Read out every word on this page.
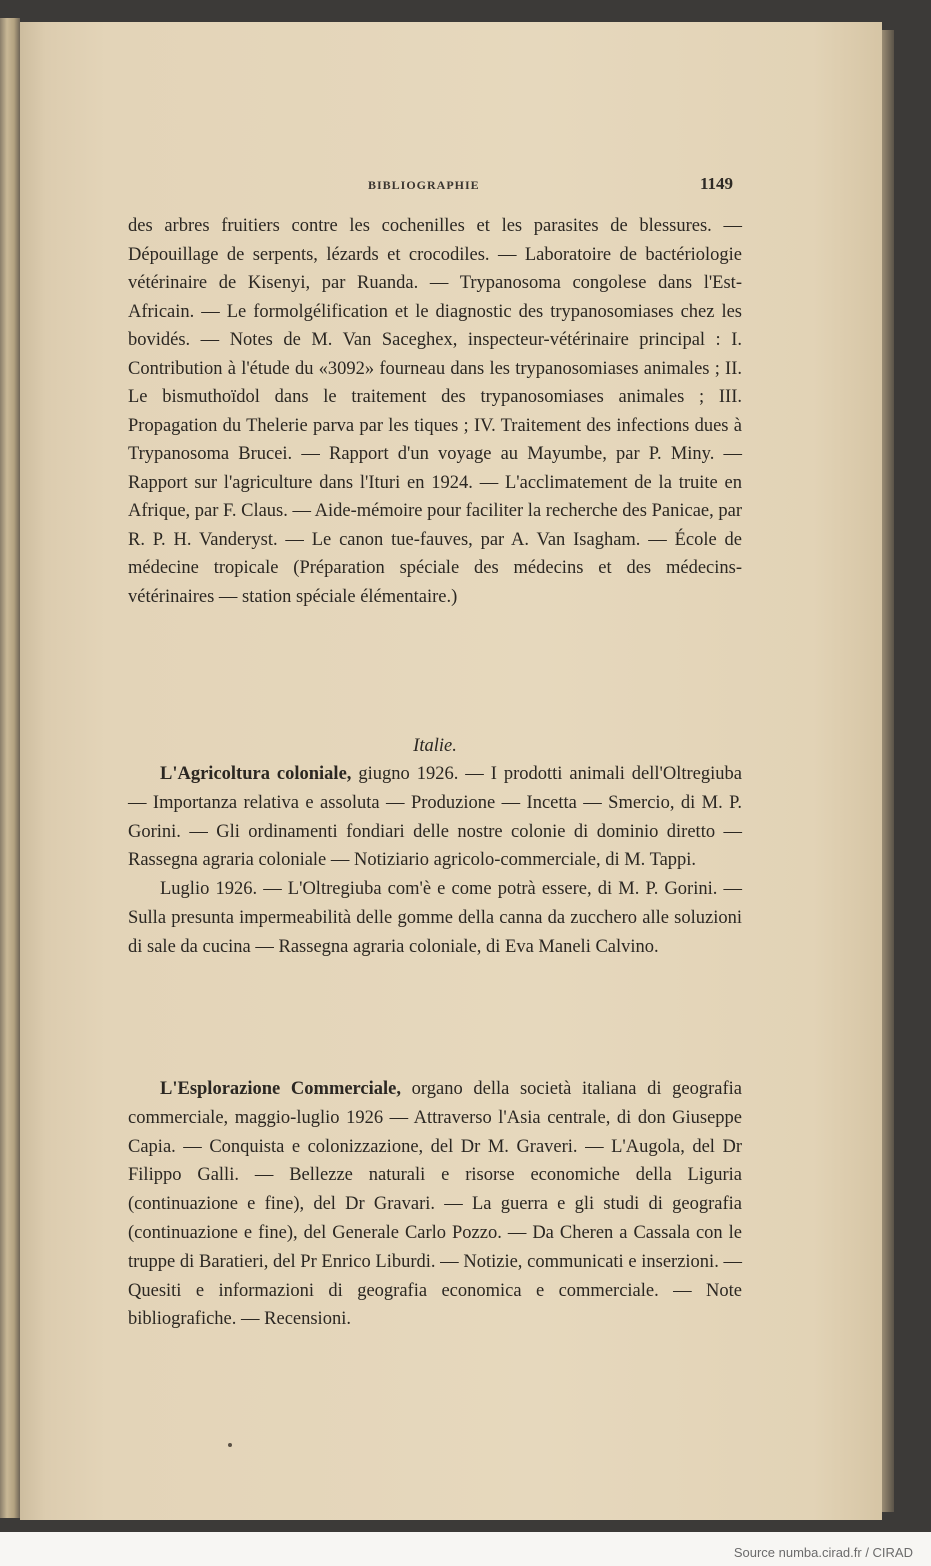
BIBLIOGRAPHIE	1149

des arbres fruitiers contre les cochenilles et les parasites de blessures. — Dépouillage de serpents, lézards et crocodiles. — Laboratoire de bactériologie vétérinaire de Kisenyi, par Ruanda. — Trypanosoma congolese dans l'Est-Africain. — Le formolgélification et le diagnostic des trypanosomiases chez les bovidés. — Notes de M. Van Saceghex, inspecteur-vétérinaire principal : I. Contribution à l'étude du «3092» fourneau dans les trypanosomiases animales ; II. Le bismuthoïdol dans le traitement des trypanosomiases animales ; III. Propagation du Thelerie parva par les tiques ; IV. Traitement des infections dues à Trypanosoma Brucei. — Rapport d'un voyage au Mayumbe, par P. Miny. — Rapport sur l'agriculture dans l'Ituri en 1924. — L'acclimatement de la truite en Afrique, par F. Claus. — Aide-mémoire pour faciliter la recherche des Panicae, par R. P. H. Vanderyst. — Le canon tue-fauves, par A. Van Isagham. — École de médecine tropicale (Préparation spéciale des médecins et des médecins-vétérinaires — station spéciale élémentaire.)

Italie.

L'Agricoltura coloniale, giugno 1926. — I prodotti animali dell'Oltregiuba — Importanza relativa e assoluta — Produzione — Incetta — Smercio, di M. P. Gorini. — Gli ordinamenti fondiari delle nostre colonie di dominio diretto — Rassegna agraria coloniale — Notiziario agricolo-commerciale, di M. Tappi.

Luglio 1926. — L'Oltregiuba com'è e come potrà essere, di M. P. Gorini. — Sulla presunta impermeabilità delle gomme della canna da zucchero alle soluzioni di sale da cucina — Rassegna agraria coloniale, di Eva Maneli Calvino.

L'Esplorazione Commerciale, organo della società italiana di geografia commerciale, maggio-luglio 1926 — Attraverso l'Asia centrale, di don Giuseppe Capia. — Conquista e colonizzazione, del Dr M. Graveri. — L'Augola, del Dr Filippo Galli. — Bellezze naturali e risorse economiche della Liguria (continuazione e fine), del Dr Gravari. — La guerra e gli studi di geografia (continuazione e fine), del Generale Carlo Pozzo. — Da Cheren a Cassala con le truppe di Baratieri, del Pr Enrico Liburdi. — Notizie, communicati e inserzioni. — Quesiti e informazioni di geografia economica e commerciale. — Note bibliografiche. — Recensioni.

Source numba.cirad.fr / CIRAD
